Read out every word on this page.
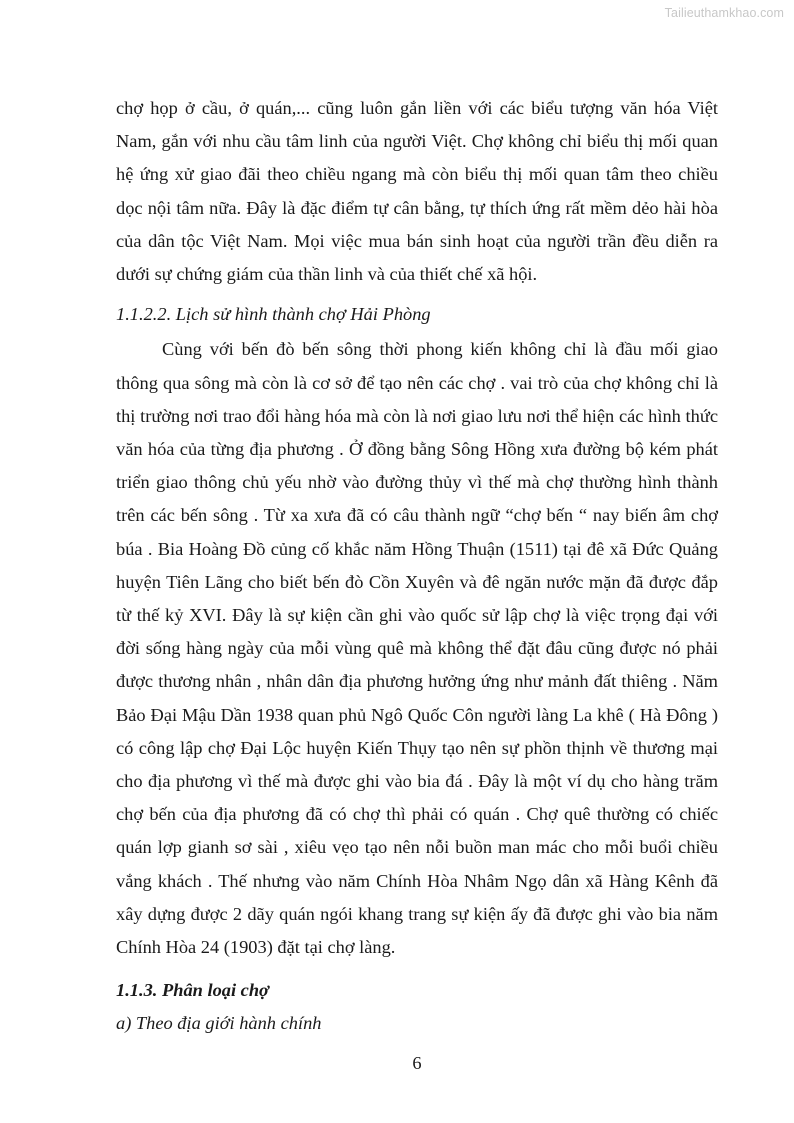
Tailieuthamkhao.com

chợ họp ở cầu, ở quán,... cũng luôn gắn liền với các biểu tượng văn hóa Việt Nam, gắn với nhu cầu tâm linh của người Việt. Chợ không chỉ biểu thị mối quan hệ ứng xử giao đãi theo chiều ngang mà còn biểu thị mối quan tâm theo chiều dọc nội tâm nữa. Đây là đặc điểm tự cân bằng, tự thích ứng rất mềm dẻo hài hòa của dân tộc Việt Nam. Mọi việc mua bán sinh hoạt của người trần đều diễn ra dưới sự chứng giám của thần linh và của thiết chế xã hội.

1.1.2.2. Lịch sử hình thành chợ Hải Phòng

Cùng với bến đò bến sông thời phong kiến không chỉ là đầu mối giao thông qua sông mà còn là cơ sở để tạo nên các chợ . vai trò của chợ không chỉ là thị trường nơi trao đổi hàng hóa mà còn là nơi giao lưu nơi thể hiện các hình thức văn hóa của từng địa phương . Ở đồng bằng Sông Hồng xưa đường bộ kém phát triển giao thông chủ yếu nhờ vào đường thủy vì thế mà chợ thường hình thành trên các bến sông . Từ xa xưa đã có câu thành ngữ “chợ bến “ nay biến âm chợ búa . Bia Hoàng Đồ củng cố khắc năm Hồng Thuận (1511) tại đê xã Đức Quảng huyện Tiên Lãng cho biết bến đò Cồn Xuyên và đê ngăn nước mặn đã được đắp từ thế kỷ XVI. Đây là sự kiện cần ghi vào quốc sử lập chợ là việc trọng đại với đời sống hàng ngày của mỗi vùng quê mà không thể đặt đâu cũng được nó phải được thương nhân , nhân dân địa phương hưởng ứng như mảnh đất thiêng . Năm Bảo Đại Mậu Dần 1938 quan phủ Ngô Quốc Côn người làng La khê ( Hà Đông ) có công lập chợ Đại Lộc huyện Kiến Thụy tạo nên sự phồn thịnh về thương mại cho địa phương vì thế mà được ghi vào bia đá . Đây là một ví dụ cho hàng trăm chợ bến của địa phương đã có chợ thì phải có quán . Chợ quê thường có chiếc quán lợp gianh sơ sài , xiêu vẹo tạo nên nỗi buồn man mác cho mỗi buổi chiều vắng khách . Thế nhưng vào năm Chính Hòa Nhâm Ngọ dân xã Hàng Kênh đã xây dựng được 2 dãy quán ngói khang trang sự kiện ấy đã được ghi vào bia năm Chính Hòa 24 (1903) đặt tại chợ làng.

1.1.3. Phân loại chợ

a) Theo địa giới hành chính

6
